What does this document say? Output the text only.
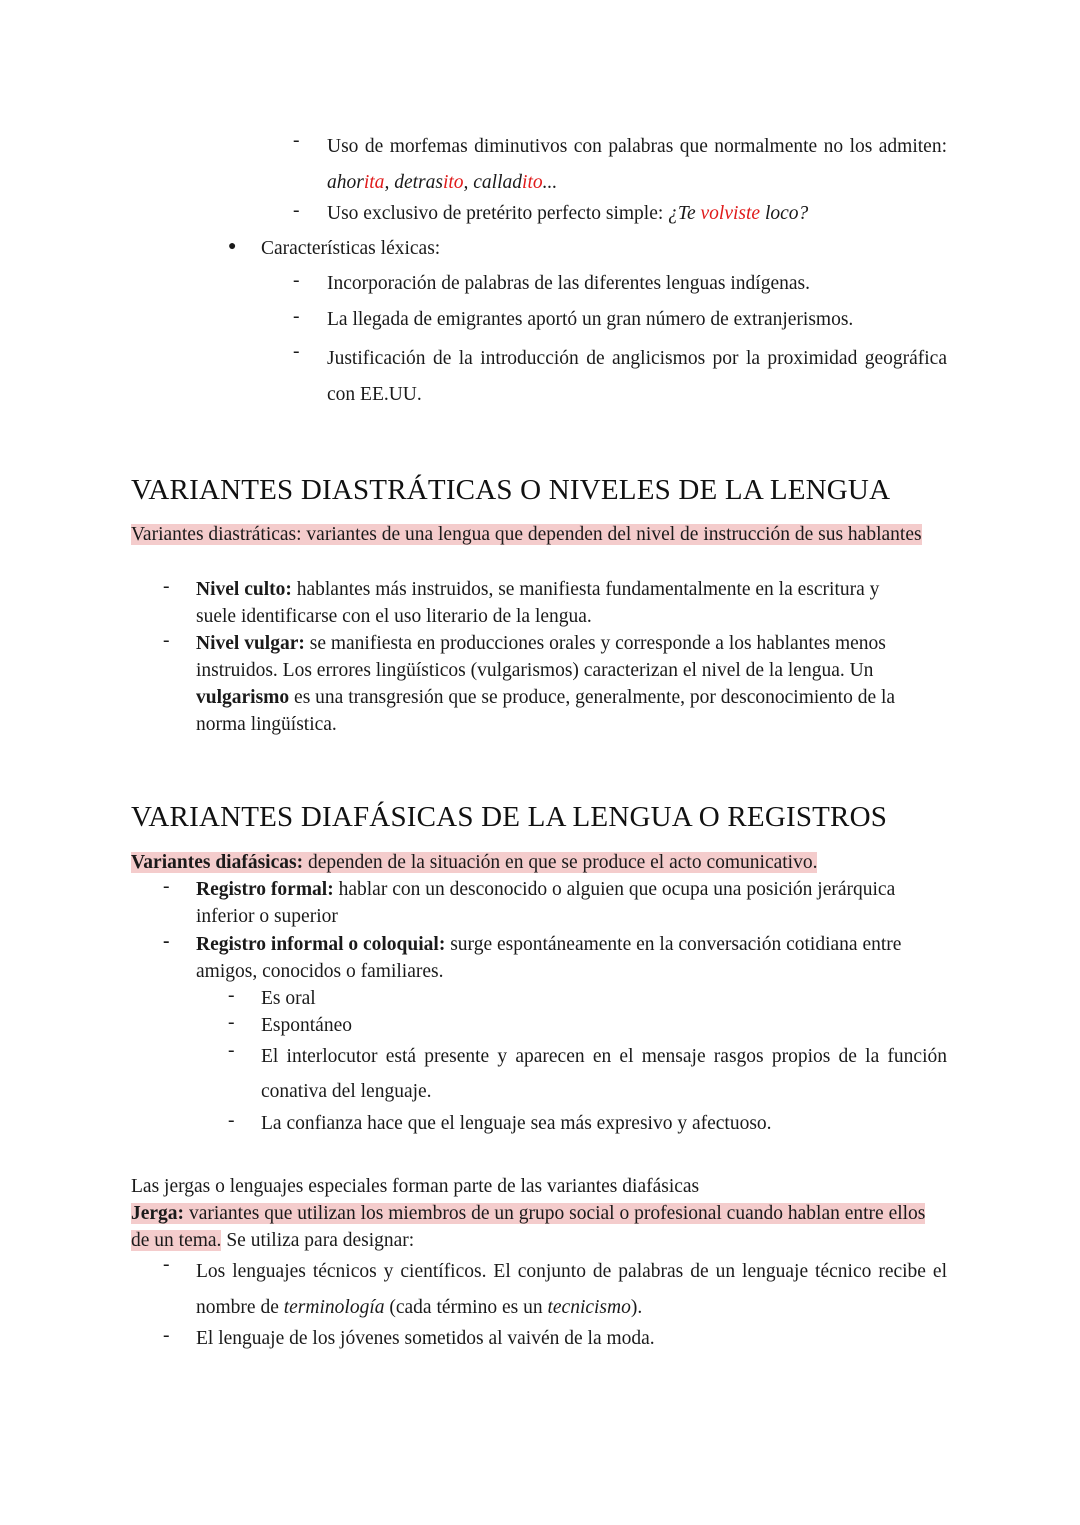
- Uso de morfemas diminutivos con palabras que normalmente no los admiten: ahorita, detrasito, calladito...
- Uso exclusivo de pretérito perfecto simple: ¿Te volviste loco?
● Características léxicas:
- Incorporación de palabras de las diferentes lenguas indígenas.
- La llegada de emigrantes aportó un gran número de extranjerismos.
- Justificación de la introducción de anglicismos por la proximidad geográfica con EE.UU.
VARIANTES DIASTRÁTICAS O NIVELES DE LA LENGUA
Variantes diastráticas: variantes de una lengua que dependen del nivel de instrucción de sus hablantes
- Nivel culto: hablantes más instruidos, se manifiesta fundamentalmente en la escritura y suele identificarse con el uso literario de la lengua.
- Nivel vulgar: se manifiesta en producciones orales y corresponde a los hablantes menos instruidos. Los errores lingüísticos (vulgarismos) caracterizan el nivel de la lengua. Un vulgarismo es una transgresión que se produce, generalmente, por desconocimiento de la norma lingüística.
VARIANTES DIAFÁSICAS DE LA LENGUA O REGISTROS
Variantes diafásicas: dependen de la situación en que se produce el acto comunicativo.
- Registro formal: hablar con un desconocido o alguien que ocupa una posición jerárquica inferior o superior
- Registro informal o coloquial: surge espontáneamente en la conversación cotidiana entre amigos, conocidos o familiares.
- Es oral
- Espontáneo
- El interlocutor está presente y aparecen en el mensaje rasgos propios de la función conativa del lenguaje.
- La confianza hace que el lenguaje sea más expresivo y afectuoso.
Las jergas o lenguajes especiales forman parte de las variantes diafásicas
Jerga: variantes que utilizan los miembros de un grupo social o profesional cuando hablan entre ellos de un tema. Se utiliza para designar:
- Los lenguajes técnicos y científicos. El conjunto de palabras de un lenguaje técnico recibe el nombre de terminología (cada término es un tecnicismo).
- El lenguaje de los jóvenes sometidos al vaivén de la moda.
